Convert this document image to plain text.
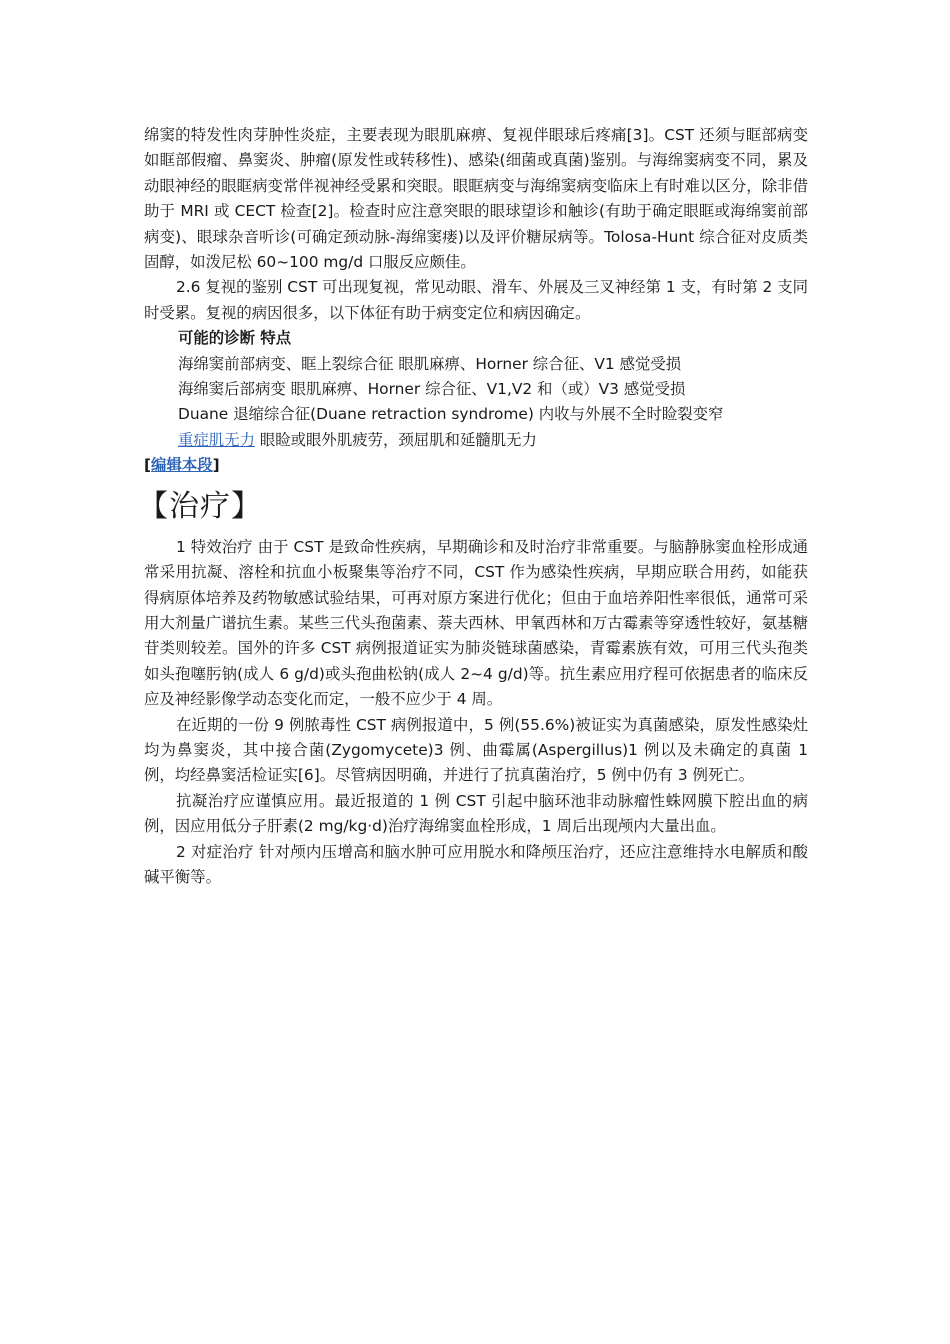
绵窦的特发性肉芽肿性炎症，主要表现为眼肌麻痹、复视伴眼球后疼痛[3]。CST 还须与眶部病变如眶部假瘤、鼻窦炎、肿瘤(原发性或转移性)、感染(细菌或真菌)鉴别。与海绵窦病变不同，累及动眼神经的眼眶病变常伴视神经受累和突眼。眼眶病变与海绵窦病变临床上有时难以区分，除非借助于 MRI 或 CECT 检查[2]。检查时应注意突眼的眼球望诊和触诊(有助于确定眼眶或海绵窦前部病变)、眼球杂音听诊(可确定颈动脉-海绵窦瘘)以及评价糖尿病等。Tolosa-Hunt 综合征对皮质类固醇，如泼尼松 60~100 mg/d 口服反应颇佳。

2.6 复视的鉴别 CST 可出现复视，常见动眼、滑车、外展及三叉神经第 1 支，有时第 2 支同时受累。复视的病因很多，以下体征有助于病变定位和病因确定。

可能的诊断 特点

海绵窦前部病变、眶上裂综合征 眼肌麻痹、Horner 综合征、V1 感觉受损

海绵窦后部病变 眼肌麻痹、Horner 综合征、V1,V2 和（或）V3 感觉受损

Duane 退缩综合征(Duane retraction syndrome) 内收与外展不全时睑裂变窄

重症肌无力 眼睑或眼外肌疲劳，颈屈肌和延髓肌无力

[编辑本段]

【治疗】

1 特效治疗 由于 CST 是致命性疾病，早期确诊和及时治疗非常重要。与脑静脉窦血栓形成通常采用抗凝、溶栓和抗血小板聚集等治疗不同，CST 作为感染性疾病，早期应联合用药，如能获得病原体培养及药物敏感试验结果，可再对原方案进行优化；但由于血培养阳性率很低，通常可采用大剂量广谱抗生素。某些三代头孢菌素、萘夫西林、甲氧西林和万古霉素等穿透性较好，氨基糖苷类则较差。国外的许多 CST 病例报道证实为肺炎链球菌感染，青霉素族有效，可用三代头孢类如头孢噻肟钠(成人 6 g/d)或头孢曲松钠(成人 2~4 g/d)等。抗生素应用疗程可依据患者的临床反应及神经影像学动态变化而定，一般不应少于 4 周。

在近期的一份 9 例脓毒性 CST 病例报道中，5 例(55.6%)被证实为真菌感染，原发性感染灶均为鼻窦炎，其中接合菌(Zygomycete)3 例、曲霉属(Aspergillus)1 例以及未确定的真菌 1 例，均经鼻窦活检证实[6]。尽管病因明确，并进行了抗真菌治疗，5 例中仍有 3 例死亡。

抗凝治疗应谨慎应用。最近报道的 1 例 CST 引起中脑环池非动脉瘤性蛛网膜下腔出血的病例，因应用低分子肝素(2 mg/kg·d)治疗海绵窦血栓形成，1 周后出现颅内大量出血。

2 对症治疗 针对颅内压增高和脑水肿可应用脱水和降颅压治疗，还应注意维持水电解质和酸碱平衡等。
